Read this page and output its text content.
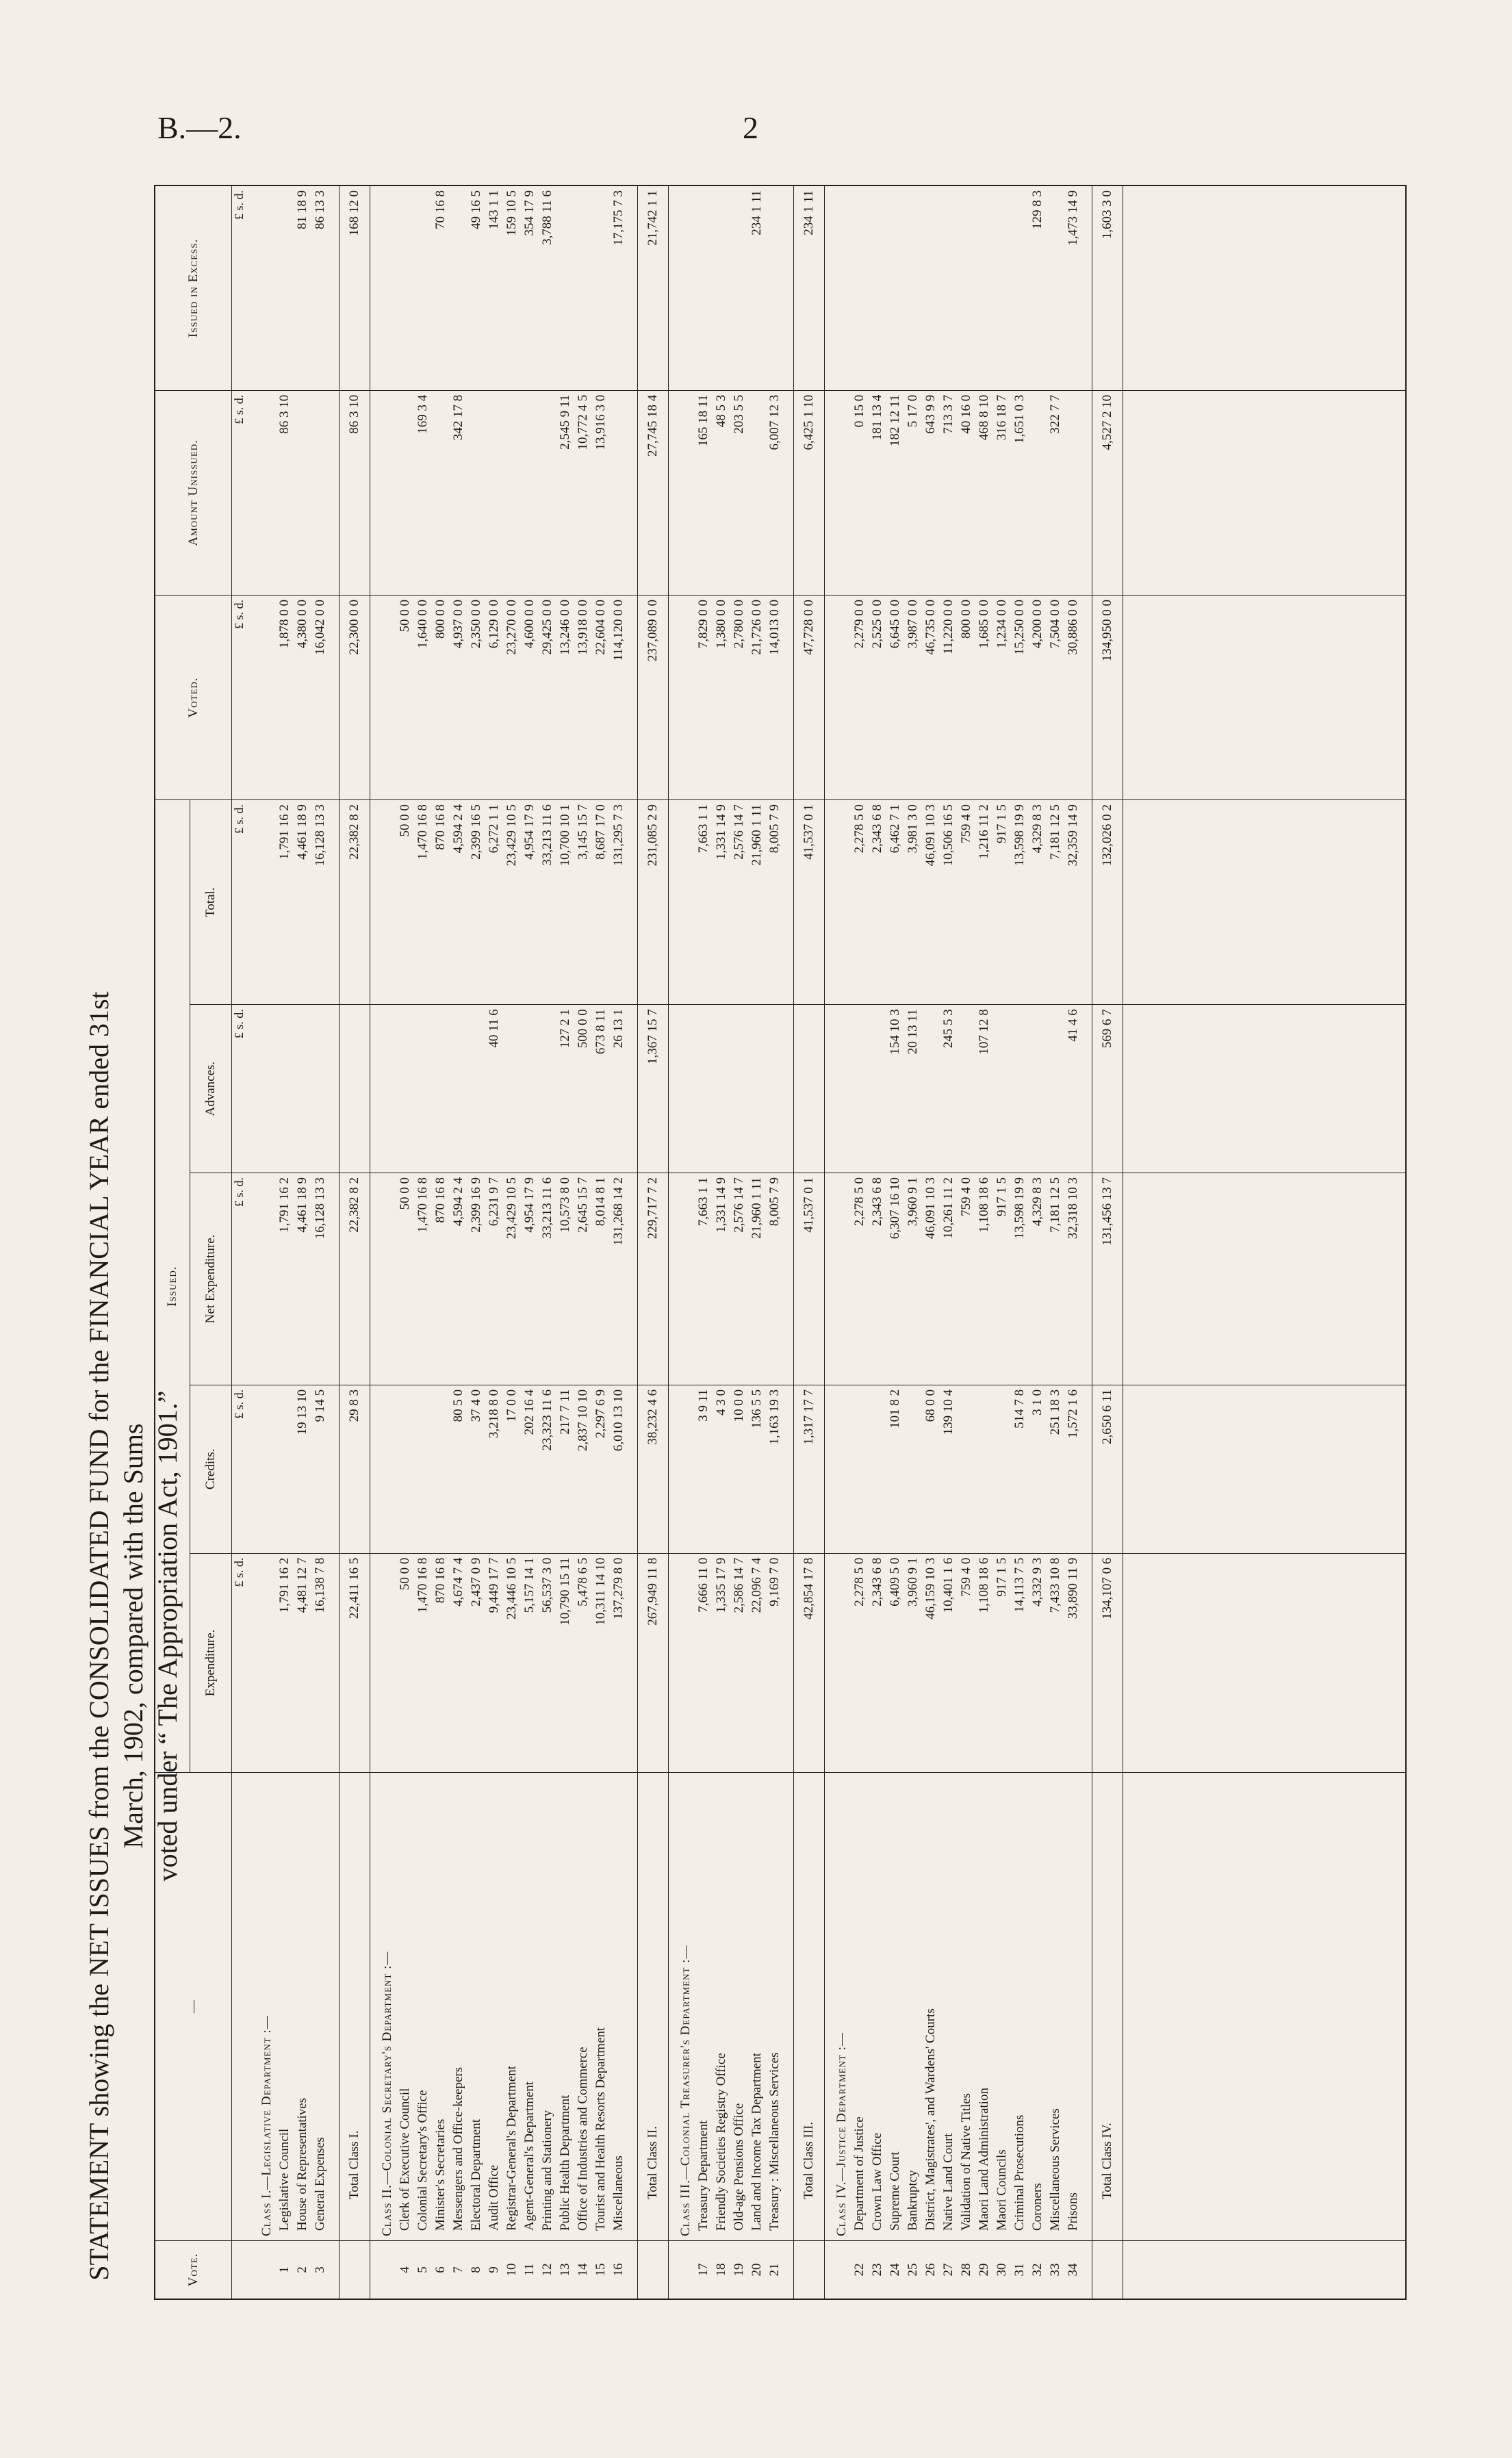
B.—2.	2
STATEMENT showing the NET ISSUES from the CONSOLIDATED FUND for the FINANCIAL YEAR ended 31st March, 1902, compared with the Sums voted under “ The Appropriation Act, 1901.”
Vote.	—	Issued.					Voted.	Amount Unissued.	Issued in Excess.
		Expenditure.	Credits.	Net Expenditure.	Advances.	Total.			
		£ s. d.	£ s. d.	£ s. d.	£ s. d.	£ s. d.	£ s. d.	£ s. d.	£ s. d.
	Class I.—Legislative Department :—								
1	Legislative Council	1,791 16 2		1,791 16 2		1,791 16 2	1,878 0 0	86 3 10	
2	House of Representatives	4,481 12 7	19 13 10	4,461 18 9		4,461 18 9	4,380 0 0		81 18 9
3	General Expenses	16,138 7 8	9 14 5	16,128 13 3		16,128 13 3	16,042 0 0		86 13 3

	Total Class I.	22,411 16 5	29 8 3	22,382 8 2		22,382 8 2	22,300 0 0	86 3 10	168 12 0
	Class II.—Colonial Secretary's Department :—								
4	Clerk of Executive Council	50 0 0		50 0 0		50 0 0	50 0 0		
5	Colonial Secretary's Office	1,470 16 8		1,470 16 8		1,470 16 8	1,640 0 0	169 3 4	
6	Minister's Secretaries	870 16 8		870 16 8		870 16 8	800 0 0		70 16 8
7	Messengers and Office-keepers	4,674 7 4	80 5 0	4,594 2 4		4,594 2 4	4,937 0 0	342 17 8	
8	Electoral Department	2,437 0 9	37 4 0	2,399 16 9		2,399 16 5	2,350 0 0		49 16 5
9	Audit Office	9,449 17 7	3,218 8 0	6,231 9 7	40 11 6	6,272 1 1	6,129 0 0		143 1 1
10	Registrar-General's Department	23,446 10 5	17 0 0	23,429 10 5		23,429 10 5	23,270 0 0		159 10 5
11	Agent-General's Department	5,157 14 1	202 16 4	4,954 17 9		4,954 17 9	4,600 0 0		354 17 9
12	Printing and Stationery	56,537 3 0	23,323 11 6	33,213 11 6		33,213 11 6	29,425 0 0		3,788 11 6
13	Public Health Department	10,790 15 11	217 7 11	10,573 8 0	127 2 1	10,700 10 1	13,246 0 0	2,545 9 11	
14	Office of Industries and Commerce	5,478 6 5	2,837 10 10	2,645 15 7	500 0 0	3,145 15 7	13,918 0 0	10,772 4 5	
15	Tourist and Health Resorts Department	10,311 14 10	2,297 6 9	8,014 8 1	673 8 11	8,687 17 0	22,604 0 0	13,916 3 0	
16	Miscellaneous	137,279 8 0	6,010 13 10	131,268 14 2	26 13 1	131,295 7 3	114,120 0 0		17,175 7 3

	Total Class II.	267,949 11 8	38,232 4 6	229,717 7 2	1,367 15 7	231,085 2 9	237,089 0 0	27,745 18 4	21,742 1 1
	Class III.—Colonial Treasurer's Department :—								
17	Treasury Department	7,666 11 0	3 9 11	7,663 1 1		7,663 1 1	7,829 0 0	165 18 11	
18	Friendly Societies Registry Office	1,335 17 9	4 3 0	1,331 14 9		1,331 14 9	1,380 0 0	48 5 3	
19	Old-age Pensions Office	2,586 14 7	10 0 0	2,576 14 7		2,576 14 7	2,780 0 0	203 5 5	
20	Land and Income Tax Department	22,096 7 4	136 5 5	21,960 1 11		21,960 1 11	21,726 0 0		234 1 11
21	Treasury : Miscellaneous Services	9,169 7 0	1,163 19 3	8,005 7 9		8,005 7 9	14,013 0 0	6,007 12 3	

	Total Class III.	42,854 17 8	1,317 17 7	41,537 0 1		41,537 0 1	47,728 0 0	6,425 1 10	234 1 11
	Class IV.—Justice Department :—								
22	Department of Justice	2,278 5 0		2,278 5 0		2,278 5 0	2,279 0 0	0 15 0	
23	Crown Law Office	2,343 6 8		2,343 6 8		2,343 6 8	2,525 0 0	181 13 4	
24	Supreme Court	6,409 5 0	101 8 2	6,307 16 10	154 10 3	6,462 7 1	6,645 0 0	182 12 11	
25	Bankruptcy	3,960 9 1		3,960 9 1	20 13 11	3,981 3 0	3,987 0 0	5 17 0	
26	District, Magistrates', and Wardens' Courts	46,159 10 3	68 0 0	46,091 10 3		46,091 10 3	46,735 0 0	643 9 9	
27	Native Land Court	10,401 1 6	139 10 4	10,261 11 2	245 5 3	10,506 16 5	11,220 0 0	713 3 7	
28	Validation of Native Titles	759 4 0		759 4 0		759 4 0	800 0 0	40 16 0	
29	Maori Land Administration	1,108 18 6		1,108 18 6	107 12 8	1,216 11 2	1,685 0 0	468 8 10	
30	Maori Councils	917 1 5		917 1 5		917 1 5	1,234 0 0	316 18 7	
31	Criminal Prosecutions	14,113 7 5	514 7 8	13,598 19 9		13,598 19 9	15,250 0 0	1,651 0 3	
32	Coroners	4,332 9 3	3 1 0	4,329 8 3		4,329 8 3	4,200 0 0		129 8 3
33	Miscellaneous Services	7,433 10 8	251 18 3	7,181 12 5		7,181 12 5	7,504 0 0	322 7 7	
34	Prisons	33,890 11 9	1,572 1 6	32,318 10 3	41 4 6	32,359 14 9	30,886 0 0		1,473 14 9

	Total Class IV.	134,107 0 6	2,650 6 11	131,456 13 7	569 6 7	132,026 0 2	134,950 0 0	4,527 2 10	1,603 3 0
